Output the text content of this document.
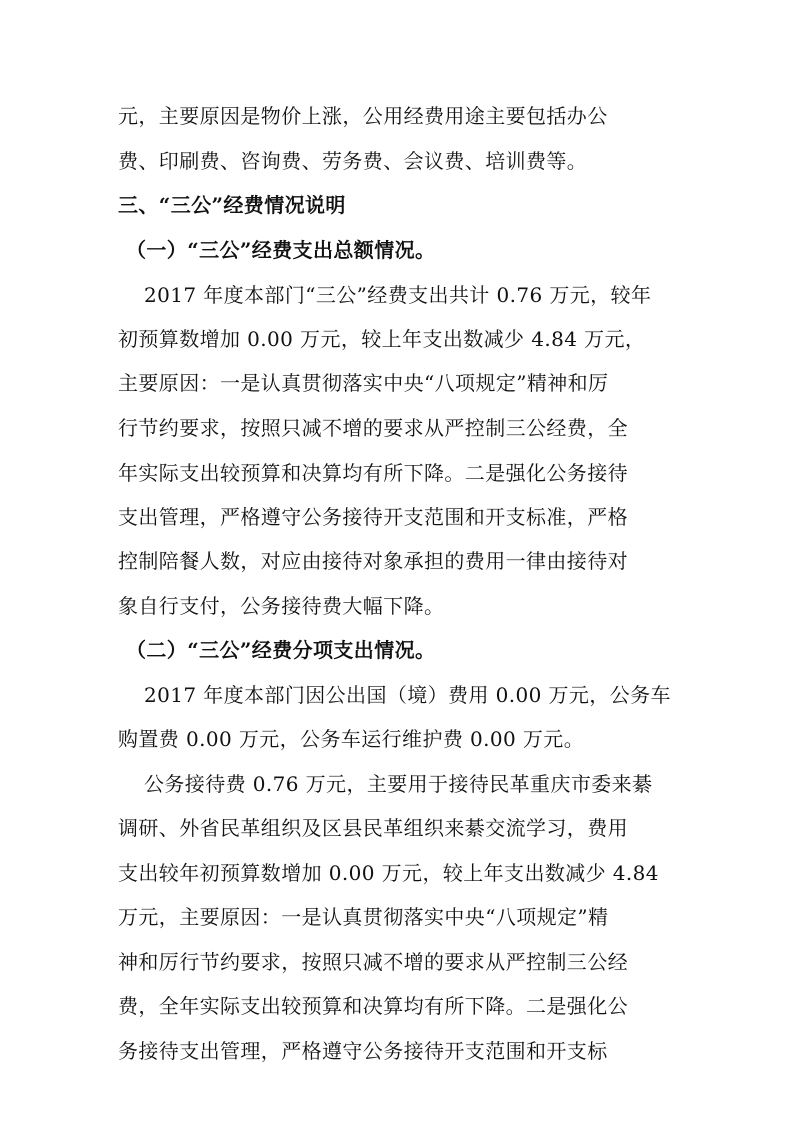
元，主要原因是物价上涨，公用经费用途主要包括办公
费、印刷费、咨询费、劳务费、会议费、培训费等。
三、“三公”经费情况说明
（一）“三公”经费支出总额情况。
2017 年度本部门“三公”经费支出共计 0.76 万元，较年
初预算数增加 0.00 万元，较上年支出数减少 4.84 万元，
主要原因：一是认真贯彻落实中央“八项规定”精神和厉
行节约要求，按照只减不增的要求从严控制三公经费，全
年实际支出较预算和决算均有所下降。二是强化公务接待
支出管理，严格遵守公务接待开支范围和开支标准，严格
控制陪餐人数，对应由接待对象承担的费用一律由接待对
象自行支付，公务接待费大幅下降。
（二）“三公”经费分项支出情况。
2017 年度本部门因公出国（境）费用 0.00 万元，公务车
购置费 0.00 万元，公务车运行维护费 0.00 万元。
公务接待费 0.76 万元，主要用于接待民革重庆市委来綦
调研、外省民革组织及区县民革组织来綦交流学习，费用
支出较年初预算数增加 0.00 万元，较上年支出数减少 4.84
万元，主要原因：一是认真贯彻落实中央“八项规定”精
神和厉行节约要求，按照只减不增的要求从严控制三公经
费，全年实际支出较预算和决算均有所下降。二是强化公
务接待支出管理，严格遵守公务接待开支范围和开支标
